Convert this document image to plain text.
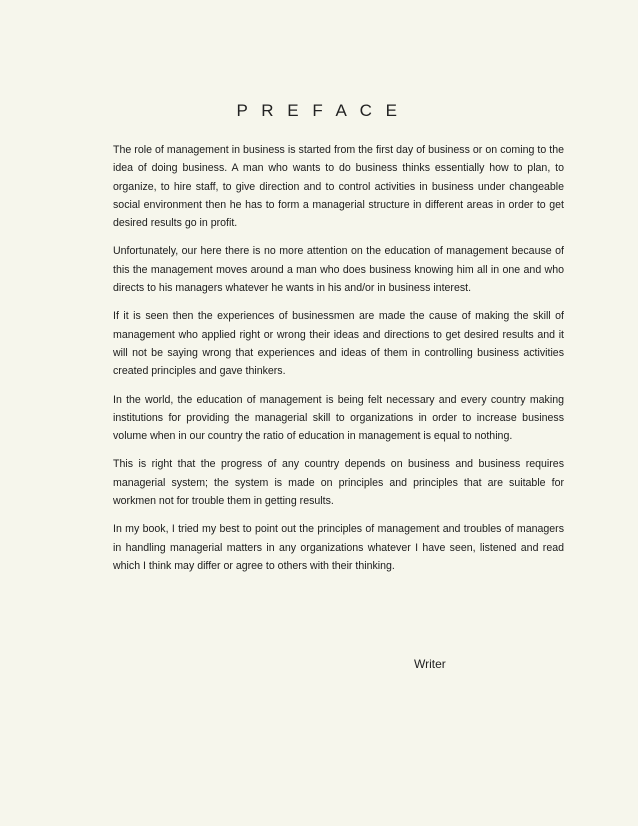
P R E F A C E

The role of management in business is started from the first day of business or on coming to the idea of doing business. A man who wants to do business thinks essentially how to plan, to organize, to hire staff, to give direction and to control activities in business under changeable social environment then he has to form a managerial structure in different areas in order to get desired results go in profit.

Unfortunately, our here there is no more attention on the education of management because of this the management moves around a man who does business knowing him all in one and who directs to his managers whatever he wants in his and/or in business interest.

If it is seen then the experiences of businessmen are made the cause of making the skill of management who applied right or wrong their ideas and directions to get desired results and it will not be saying wrong that experiences and ideas of them in controlling business activities created principles and gave thinkers.

In the world, the education of management is being felt necessary and every country making institutions for providing the managerial skill to organizations in order to increase business volume when in our country the ratio of education in management is equal to nothing.

This is right that the progress of any country depends on business and business requires managerial system; the system is made on principles and principles that are suitable for workmen not for trouble them in getting results.

In my book, I tried my best to point out the principles of management and troubles of managers in handling managerial matters in any organizations whatever I have seen, listened and read which I think may differ or agree to others with their thinking.

Writer
